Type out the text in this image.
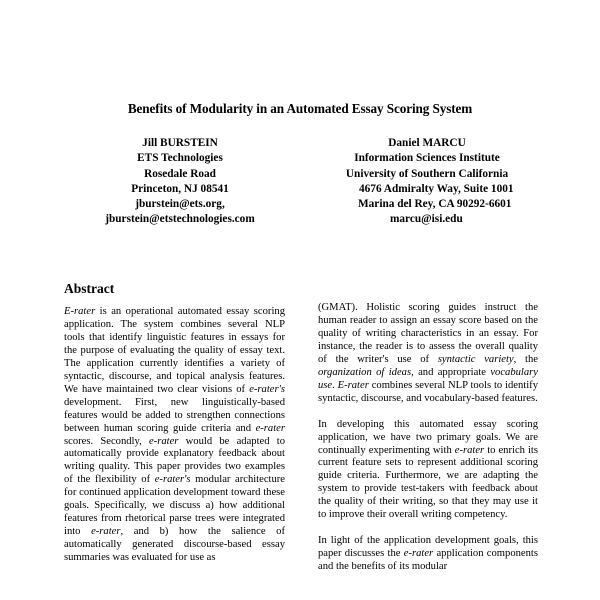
Benefits of Modularity in an Automated Essay Scoring System
Jill BURSTEIN
ETS Technologies
Rosedale Road
Princeton, NJ 08541
jburstein@ets.org,
jburstein@etstechnologies.com
Daniel MARCU
Information Sciences Institute
University of Southern California
4676 Admiralty Way, Suite 1001
Marina del Rey, CA 90292-6601
marcu@isi.edu
Abstract

E-rater is an operational automated essay scoring application. The system combines several NLP tools that identify linguistic features in essays for the purpose of evaluating the quality of essay text. The application currently identifies a variety of syntactic, discourse, and topical analysis features. We have maintained two clear visions of e-rater's development. First, new linguistically-based features would be added to strengthen connections between human scoring guide criteria and e-rater scores. Secondly, e-rater would be adapted to automatically provide explanatory feedback about writing quality. This paper provides two examples of the flexibility of e-rater's modular architecture for continued application development toward these goals. Specifically, we discuss a) how additional features from rhetorical parse trees were integrated into e-rater, and b) how the salience of automatically generated discourse-based essay summaries was evaluated for use as

(GMAT). Holistic scoring guides instruct the human reader to assign an essay score based on the quality of writing characteristics in an essay. For instance, the reader is to assess the overall quality of the writer's use of syntactic variety, the organization of ideas, and appropriate vocabulary use. E-rater combines several NLP tools to identify syntactic, discourse, and vocabulary-based features.

In developing this automated essay scoring application, we have two primary goals. We are continually experimenting with e-rater to enrich its current feature sets to represent additional scoring guide criteria. Furthermore, we are adapting the system to provide test-takers with feedback about the quality of their writing, so that they may use it to improve their overall writing competency.

In light of the application development goals, this paper discusses the e-rater application components and the benefits of its modular
